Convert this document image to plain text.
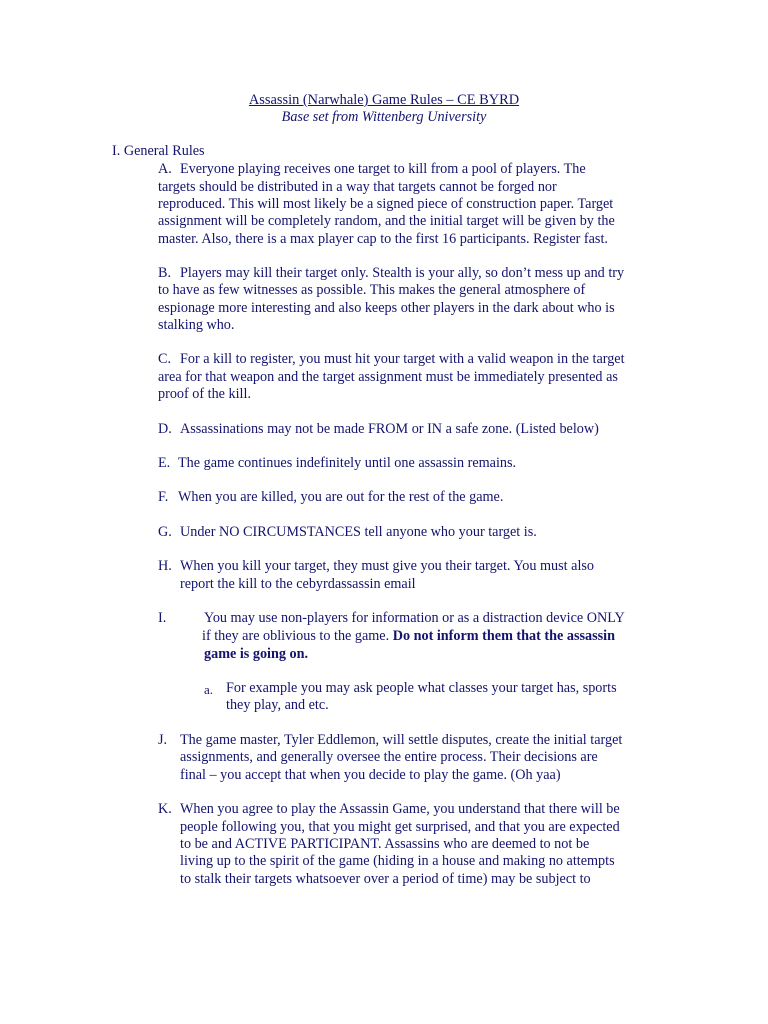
Assassin (Narwhale) Game Rules – CE BYRD
Base set from Wittenberg University
I. General Rules
A. Everyone playing receives one target to kill from a pool of players. The
targets should be distributed in a way that targets cannot be forged nor
reproduced. This will most likely be a signed piece of construction paper. Target
assignment will be completely random, and the initial target will be given by the
master. Also, there is a max player cap to the first 16 participants. Register fast.
B. Players may kill their target only. Stealth is your ally, so don’t mess up and try
to have as few witnesses as possible. This makes the general atmosphere of
espionage more interesting and also keeps other players in the dark about who is
stalking who.
C. For a kill to register, you must hit your target with a valid weapon in the target
area for that weapon and the target assignment must be immediately presented as
proof of the kill.
D. Assassinations may not be made FROM or IN a safe zone. (Listed below)
E. The game continues indefinitely until one assassin remains.
F. When you are killed, you are out for the rest of the game.
G. Under NO CIRCUMSTANCES tell anyone who your target is.
H. When you kill your target, they must give you their target. You must also
report the kill to the cebyrdassassin email
I.	You may use non-players for information or as a distraction device ONLY
if they are oblivious to the game. Do not inform them that the assassin
game is going on.
a. For example you may ask people what classes your target has, sports
they play, and etc.
J. The game master, Tyler Eddlemon, will settle disputes, create the initial target
assignments, and generally oversee the entire process. Their decisions are
final – you accept that when you decide to play the game. (Oh yaa)
K. When you agree to play the Assassin Game, you understand that there will be
people following you, that you might get surprised, and that you are expected
to be and ACTIVE PARTICIPANT. Assassins who are deemed to not be
living up to the spirit of the game (hiding in a house and making no attempts
to stalk their targets whatsoever over a period of time) may be subject to
